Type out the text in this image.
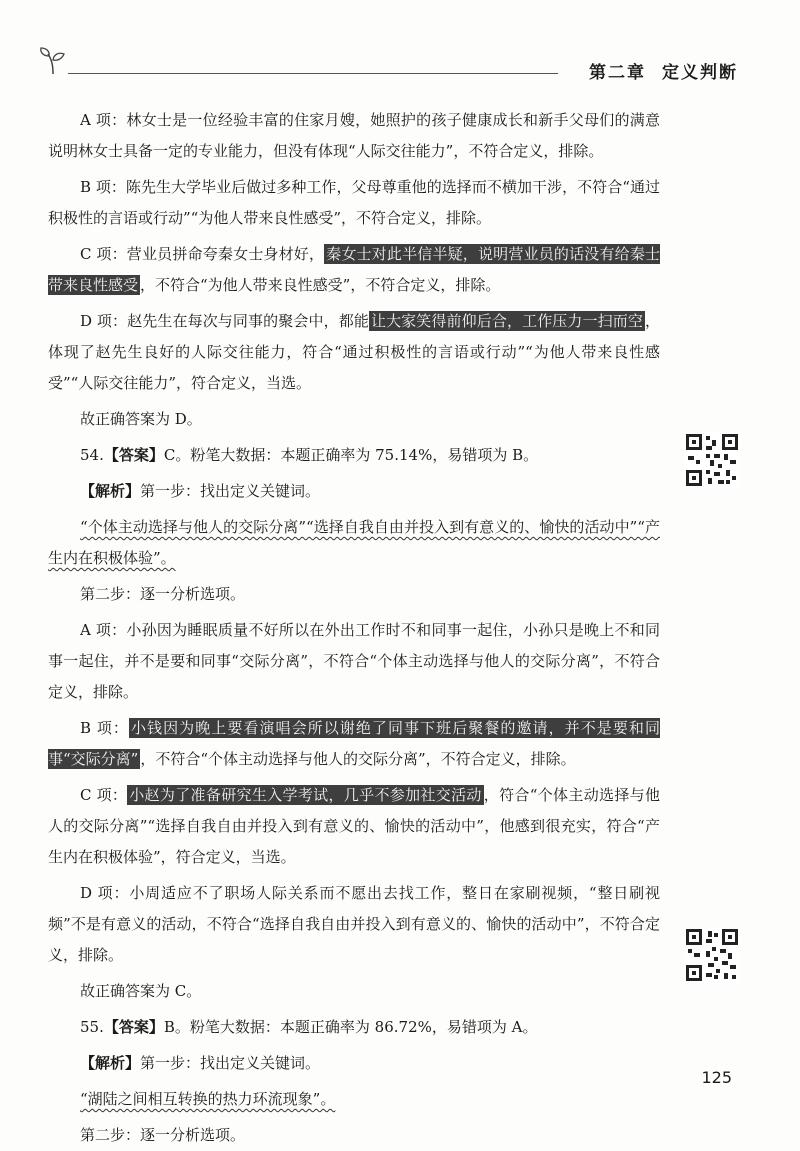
第二章 定义判断

A 项：林女士是一位经验丰富的住家月嫂，她照护的孩子健康成长和新手父母们的满意说明林女士具备一定的专业能力，但没有体现“人际交往能力”，不符合定义，排除。

B 项：陈先生大学毕业后做过多种工作，父母尊重他的选择而不横加干涉，不符合“通过积极性的言语或行动”“为他人带来良性感受”，不符合定义，排除。

C 项：营业员拼命夸秦女士身材好， 秦女士对此半信半疑，说明营业员的话没有给秦士带来良性感受 ，不符合“为他人带来良性感受”，不符合定义，排除。

D 项：赵先生在每次与同事的聚会中，都能 让大家笑得前仰后合，工作压力一扫而空 ，体现了赵先生良好的人际交往能力，符合“通过积极性的言语或行动”“为他人带来良性感受”“人际交往能力”，符合定义，当选。

故正确答案为 D。

54.【答案】C。粉笔大数据：本题正确率为 75.14%，易错项为 B。

【解析】第一步：找出定义关键词。

“个体主动选择与他人的交际分离”“选择自我自由并投入到有意义的、愉快的活动中”“产生内在积极体验”。

第二步：逐一分析选项。

A 项：小孙因为睡眠质量不好所以在外出工作时不和同事一起住，小孙只是晚上不和同事一起住，并不是要和同事“交际分离”，不符合“个体主动选择与他人的交际分离”，不符合定义，排除。

B 项： 小钱因为晚上要看演唱会所以谢绝了同事下班后聚餐的邀请，并不是要和同事“交际分离” ，不符合“个体主动选择与他人的交际分离”，不符合定义，排除。

C 项： 小赵为了准备研究生入学考试，几乎不参加社交活动 ，符合“个体主动选择与他人的交际分离”“选择自我自由并投入到有意义的、愉快的活动中”，他感到很充实，符合“产生内在积极体验”，符合定义，当选。

D 项：小周适应不了职场人际关系而不愿出去找工作，整日在家刷视频，“整日刷视频”不是有意义的活动，不符合“选择自我自由并投入到有意义的、愉快的活动中”，不符合定义，排除。

故正确答案为 C。

55.【答案】B。粉笔大数据：本题正确率为 86.72%，易错项为 A。

【解析】第一步：找出定义关键词。

“湖陆之间相互转换的热力环流现象”。

第二步：逐一分析选项。

125
